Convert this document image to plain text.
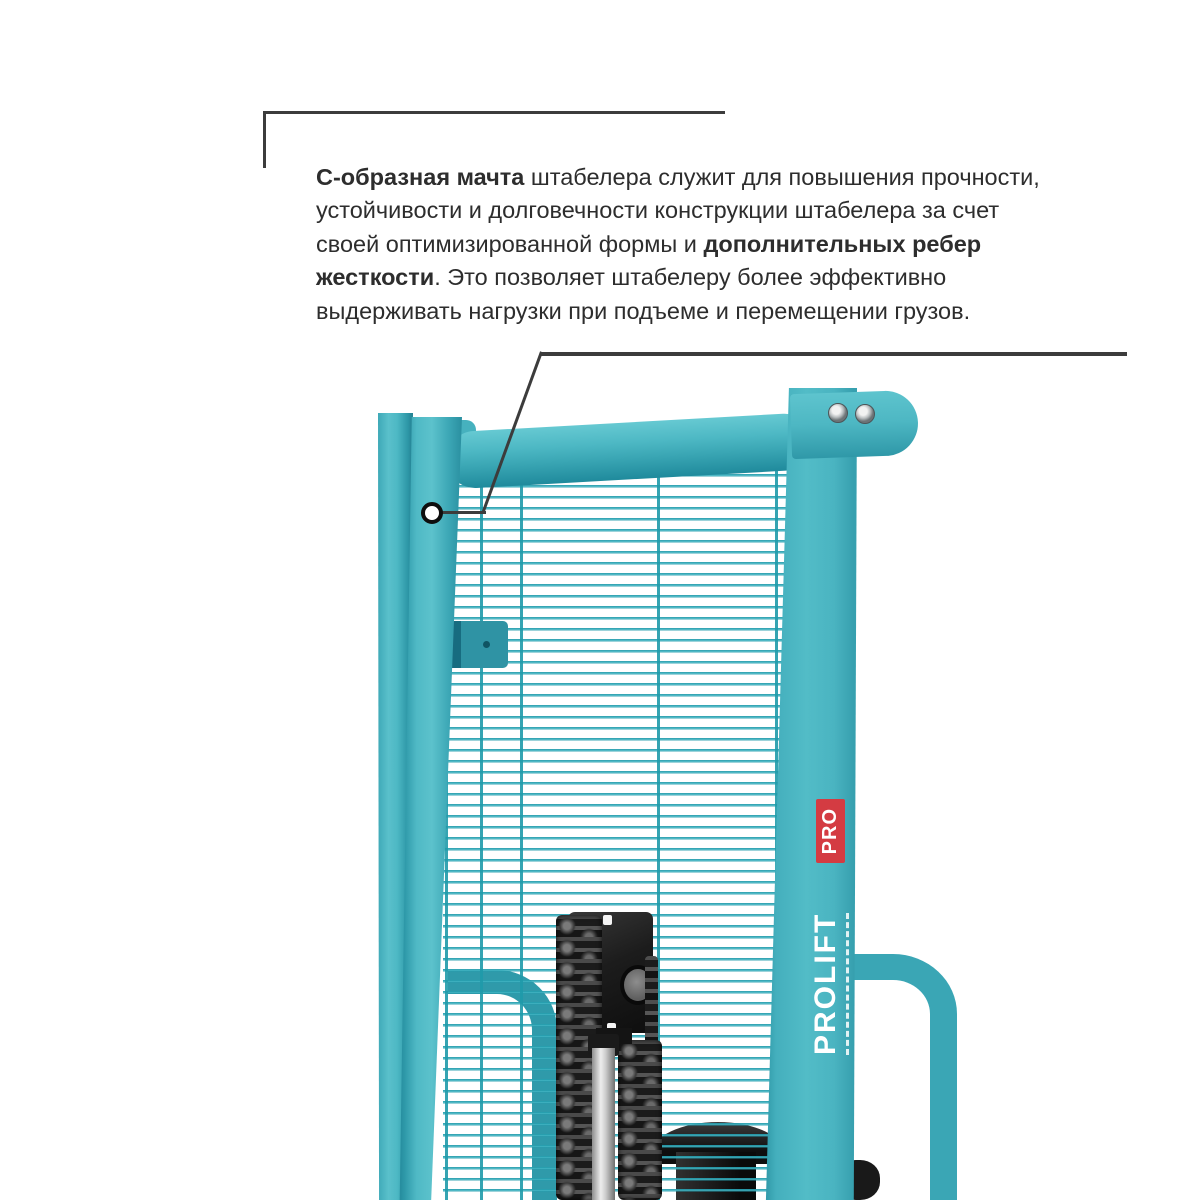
С-образная мачта штабелера служит для повышения прочности,
устойчивости и долговечности конструкции штабелера за счет
своей оптимизированной формы и дополнительных ребер
жесткости. Это позволяет штабелеру более эффективно
выдерживать нагрузки при подъеме и перемещении грузов.
PROLIFT
PRO
